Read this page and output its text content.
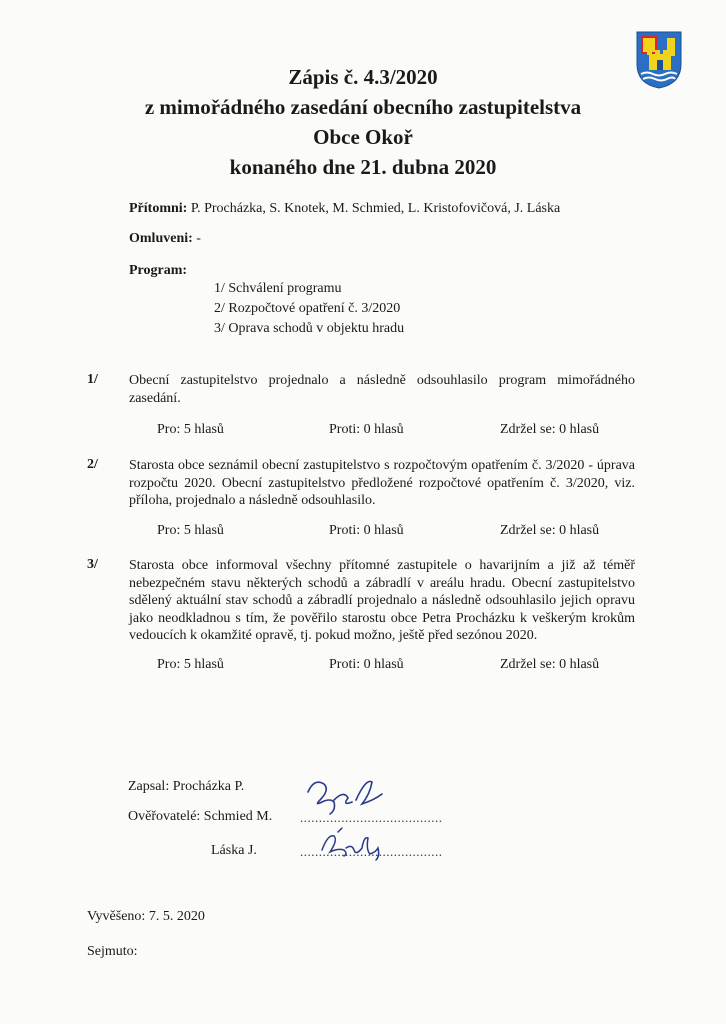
Zápis č. 4.3/2020
z mimořádného zasedání obecního zastupitelstva
Obce Okoř
konaného dne 21. dubna 2020
Přítomni: P. Procházka, S. Knotek, M. Schmied, L. Kristofovičová, J. Láska
Omluveni: -
Program:
1/ Schválení programu
2/ Rozpočtové opatření č. 3/2020
3/ Oprava schodů v objektu hradu
1/ Obecní zastupitelstvo projednalo a následně odsouhlasilo program mimořádného zasedání.
Pro: 5 hlasů	Proti: 0 hlasů	Zdržel se: 0 hlasů
2/ Starosta obce seznámil obecní zastupitelstvo s rozpočtovým opatřením č. 3/2020 - úprava rozpočtu 2020. Obecní zastupitelstvo předložené rozpočtové opatřením č. 3/2020, viz. příloha, projednalo a následně odsouhlasilo.
Pro: 5 hlasů	Proti: 0 hlasů	Zdržel se: 0 hlasů
3/ Starosta obce informoval všechny přítomné zastupitele o havarijním a již až téměř nebezpečném stavu některých schodů a zábradlí v areálu hradu. Obecní zastupitelstvo sdělený aktuální stav schodů a zábradlí projednalo a následně odsouhlasilo jejich opravu jako neodkladnou s tím, že pověřilo starostu obce Petra Procházku k veškerým krokům vedoucích k okamžité opravě, tj. pokud možno, ještě před sezónou 2020.
Pro: 5 hlasů	Proti: 0 hlasů	Zdržel se: 0 hlasů
Zapsal: Procházka P.
Ověřovatelé: Schmied M. ......................................
Láska J.	......................................
Vyvěšeno: 7. 5. 2020
Sejmuto:
